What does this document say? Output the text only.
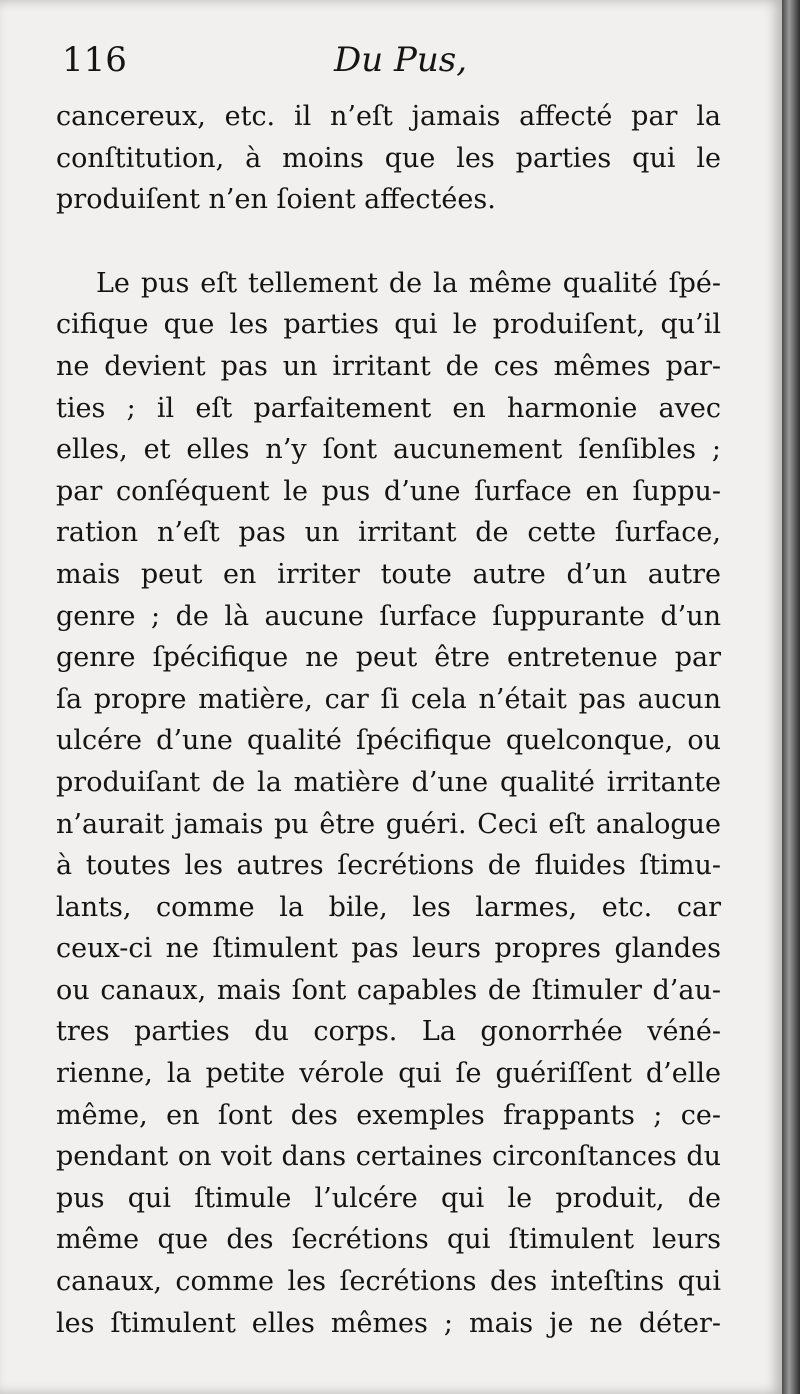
116	Du Pus,
cancereux, etc. il n’eſt jamais affecté par la
conſtitution, à moins que les parties qui le
produiſent n’en ſoient affectées.
Le pus eſt tellement de la même qualité ſpé-
cifique que les parties qui le produiſent, qu’il
ne devient pas un irritant de ces mêmes par-
ties ; il eſt parfaitement en harmonie avec
elles, et elles n’y ſont aucunement ſenſibles ;
par conſéquent le pus d’une ſurface en ſuppu-
ration n’eſt pas un irritant de cette ſurface,
mais peut en irriter toute autre d’un autre
genre ; de là aucune ſurface ſuppurante d’un
genre ſpécifique ne peut être entretenue par
ſa propre matière, car ſi cela n’était pas aucun
ulcére d’une qualité ſpécifique quelconque, ou
produiſant de la matière d’une qualité irritante
n’aurait jamais pu être guéri. Ceci eſt analogue
à toutes les autres ſecrétions de fluides ſtimu-
lants, comme la bile, les larmes, etc. car
ceux-ci ne ſtimulent pas leurs propres glandes
ou canaux, mais ſont capables de ſtimuler d’au-
tres parties du corps. La gonorrhée véné-
rienne, la petite vérole qui ſe guériſſent d’elle
même, en ſont des exemples frappants ; ce-
pendant on voit dans certaines circonſtances du
pus qui ſtimule l’ulcére qui le produit, de
même que des ſecrétions qui ſtimulent leurs
canaux, comme les ſecrétions des inteſtins qui
les ſtimulent elles mêmes ; mais je ne déter-
